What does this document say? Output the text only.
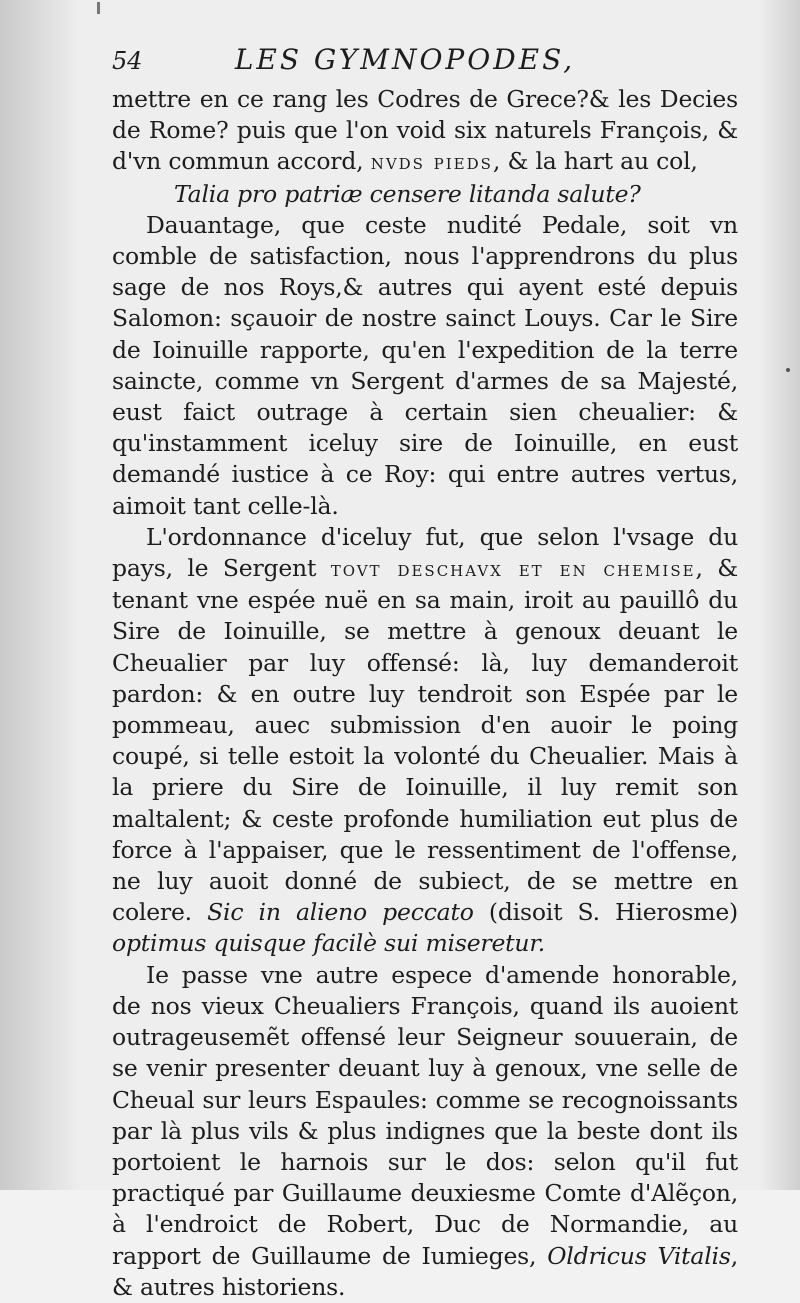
54	LES GYMNOPODES,

mettre en ce rang les Codres de Grece?& les Decies de Rome? puis que l'on void six naturels François, & d'vn commun accord, nvds pieds, & la hart au col,

Talia pro patriæ censere litanda salute?

Dauantage, que ceste nudité Pedale, soit vn comble de satisfaction, nous l'apprendrons du plus sage de nos Roys,& autres qui ayent esté depuis Salomon: sçauoir de nostre sainct Louys. Car le Sire de Ioinuille rapporte, qu'en l'expedition de la terre saincte, comme vn Sergent d'armes de sa Majesté, eust faict outrage à certain sien cheualier: & qu'instamment iceluy sire de Ioinuille, en eust demandé iustice à ce Roy: qui entre autres vertus, aimoit tant celle-là.

L'ordonnance d'iceluy fut, que selon l'vsage du pays, le Sergent tovt deschavx et en chemise, & tenant vne espée nuë en sa main, iroit au pauillô du Sire de Ioinuille, se mettre à genoux deuant le Cheualier par luy offensé: là, luy demanderoit pardon: & en outre luy tendroit son Espée par le pommeau, auec submission d'en auoir le poing coupé, si telle estoit la volonté du Cheualier. Mais à la priere du Sire de Ioinuille, il luy remit son maltalent; & ceste profonde humiliation eut plus de force à l'appaiser, que le ressentiment de l'offense, ne luy auoit donné de subiect, de se mettre en colere. Sic in alieno peccato (disoit S. Hierosme) optimus quisque facilè sui miseretur.

Ie passe vne autre espece d'amende honorable, de nos vieux Cheualiers François, quand ils auoient outrageusemẽt offensé leur Seigneur souuerain, de se venir presenter deuant luy à genoux, vne selle de Cheual sur leurs Espaules: comme se recognoissants par là plus vils & plus indignes que la beste dont ils portoient le harnois sur le dos: selon qu'il fut practiqué par Guillaume deuxiesme Comte d'Alẽçon, à l'endroict de Robert, Duc de Normandie, au rapport de Guillaume de Iumieges, Oldricus Vitalis, & autres historiens.
